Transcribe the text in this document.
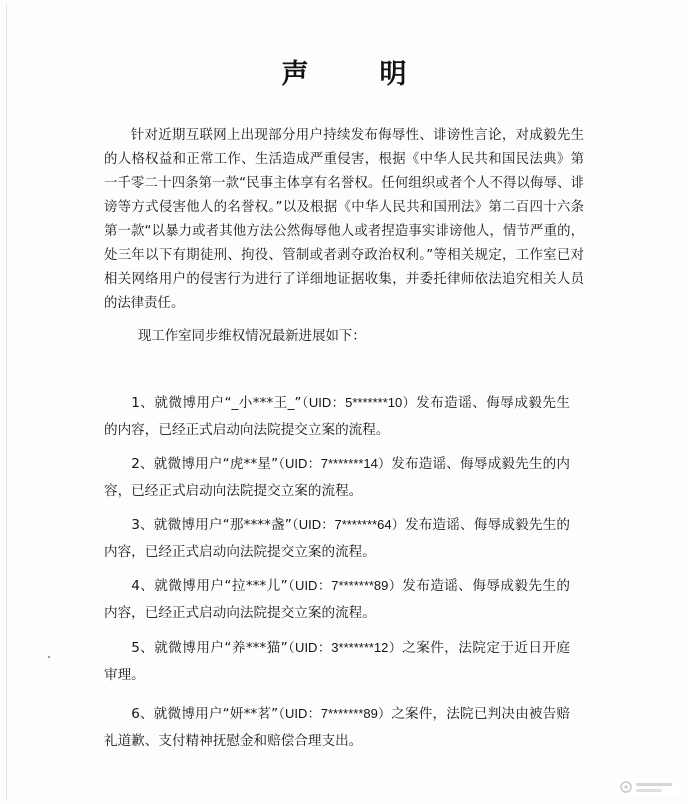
声　明

针对近期互联网上出现部分用户持续发布侮辱性、诽谤性言论，对成毅先生的人格权益和正常工作、生活造成严重侵害，根据《中华人民共和国民法典》第一千零二十四条第一款“民事主体享有名誉权。任何组织或者个人不得以侮辱、诽谤等方式侵害他人的名誉权。”以及根据《中华人民共和国刑法》第二百四十六条第一款“以暴力或者其他方法公然侮辱他人或者捏造事实诽谤他人，情节严重的，处三年以下有期徒刑、拘役、管制或者剥夺政治权利。”等相关规定，工作室已对相关网络用户的侵害行为进行了详细地证据收集，并委托律师依法追究相关人员的法律责任。

现工作室同步维权情况最新进展如下：
1、就微博用户“_小***王_”（UID：5*******10）发布造谣、侮辱成毅先生的内容，已经正式启动向法院提交立案的流程。
2、就微博用户“虎**星”（UID：7*******14）发布造谣、侮辱成毅先生的内容，已经正式启动向法院提交立案的流程。
3、就微博用户“那****盏”（UID：7*******64）发布造谣、侮辱成毅先生的内容，已经正式启动向法院提交立案的流程。
4、就微博用户“拉***儿”（UID：7*******89）发布造谣、侮辱成毅先生的内容，已经正式启动向法院提交立案的流程。
5、就微博用户“养***猫”（UID：3*******12）之案件，法院定于近日开庭审理。
6、就微博用户“妍**茗”（UID：7*******89）之案件，法院已判决由被告赔礼道歉、支付精神抚慰金和赔偿合理支出。
